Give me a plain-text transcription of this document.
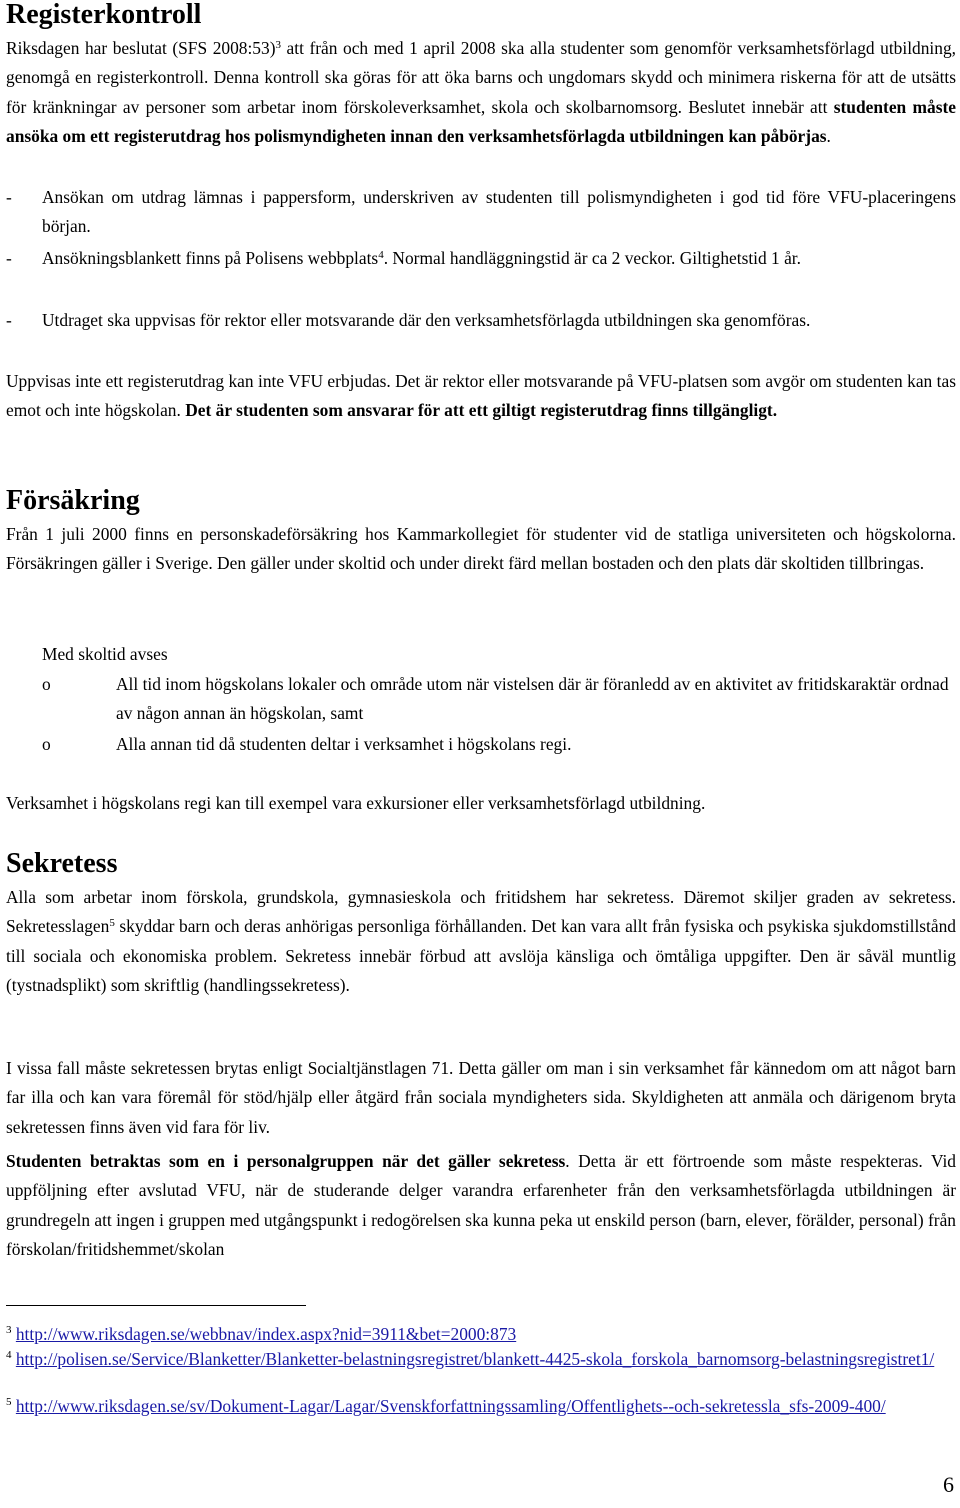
Registerkontroll

Riksdagen har beslutat (SFS 2008:53)$^3$ att från och med 1 april 2008 ska alla studenter som genomför verksamhetsförlagd utbildning, genomgå en registerkontroll. Denna kontroll ska göras för att öka barns och ungdomars skydd och minimera riskerna för att de utsätts för kränkningar av personer som arbetar inom förskoleverksamhet, skola och skolbarnomsorg. Beslutet innebär att studenten måste ansöka om ett registerutdrag hos polismyndigheten innan den verksamhetsförlagda utbildningen kan påbörjas.

- Ansökan om utdrag lämnas i pappersform, underskriven av studenten till polismyndigheten i god tid före VFU-placeringens början.
- Ansökningsblankett finns på Polisens webbplats$^4$. Normal handläggningstid är ca 2 veckor. Giltighetstid 1 år.
- Utdraget ska uppvisas för rektor eller motsvarande där den verksamhetsförlagda utbildningen ska genomföras.

Uppvisas inte ett registerutdrag kan inte VFU erbjudas. Det är rektor eller motsvarande på VFU-platsen som avgör om studenten kan tas emot och inte högskolan. Det är studenten som ansvarar för att ett giltigt registerutdrag finns tillgängligt.

Försäkring

Från 1 juli 2000 finns en personskadeförsäkring hos Kammarkollegiet för studenter vid de statliga universiteten och högskolorna. Försäkringen gäller i Sverige. Den gäller under skoltid och under direkt färd mellan bostaden och den plats där skoltiden tillbringas.

Med skoltid avses
o	All tid inom högskolans lokaler och område utom när vistelsen där är föranledd av en aktivitet av fritidskaraktär ordnad av någon annan än högskolan, samt
o	Alla annan tid då studenten deltar i verksamhet i högskolans regi.

Verksamhet i högskolans regi kan till exempel vara exkursioner eller verksamhetsförlagd utbildning.

Sekretess

Alla som arbetar inom förskola, grundskola, gymnasieskola och fritidshem har sekretess. Däremot skiljer graden av sekretess. Sekretesslagen$^5$ skyddar barn och deras anhörigas personliga förhållanden. Det kan vara allt från fysiska och psykiska sjukdomstillstånd till sociala och ekonomiska problem. Sekretess innebär förbud att avslöja känsliga och ömtåliga uppgifter. Den är såväl muntlig (tystnadsplikt) som skriftlig (handlingssekretess).

I vissa fall måste sekretessen brytas enligt Socialtjänstlagen 71. Detta gäller om man i sin verksamhet får kännedom om att något barn far illa och kan vara föremål för stöd/hjälp eller åtgärd från sociala myndigheters sida. Skyldigheten att anmäla och därigenom bryta sekretessen finns även vid fara för liv.

Studenten betraktas som en i personalgruppen när det gäller sekretess. Detta är ett förtroende som måste respekteras. Vid uppföljning efter avslutad VFU, när de studerande delger varandra erfarenheter från den verksamhetsförlagda utbildningen är grundregeln att ingen i gruppen med utgångspunkt i redogörelsen ska kunna peka ut enskild person (barn, elever, förälder, personal) från förskolan/fritidshemmet/skolan

$^3$ http://www.riksdagen.se/webbnav/index.aspx?nid=3911&bet=2000:873
$^4$ http://polisen.se/Service/Blanketter/Blanketter-belastningsregistret/blankett-4425-skola_forskola_barnomsorg-belastningsregistret1/
$^5$ http://www.riksdagen.se/sv/Dokument-Lagar/Lagar/Svenskforfattningssamling/Offentlighets--och-sekretessla_sfs-2009-400/
6
